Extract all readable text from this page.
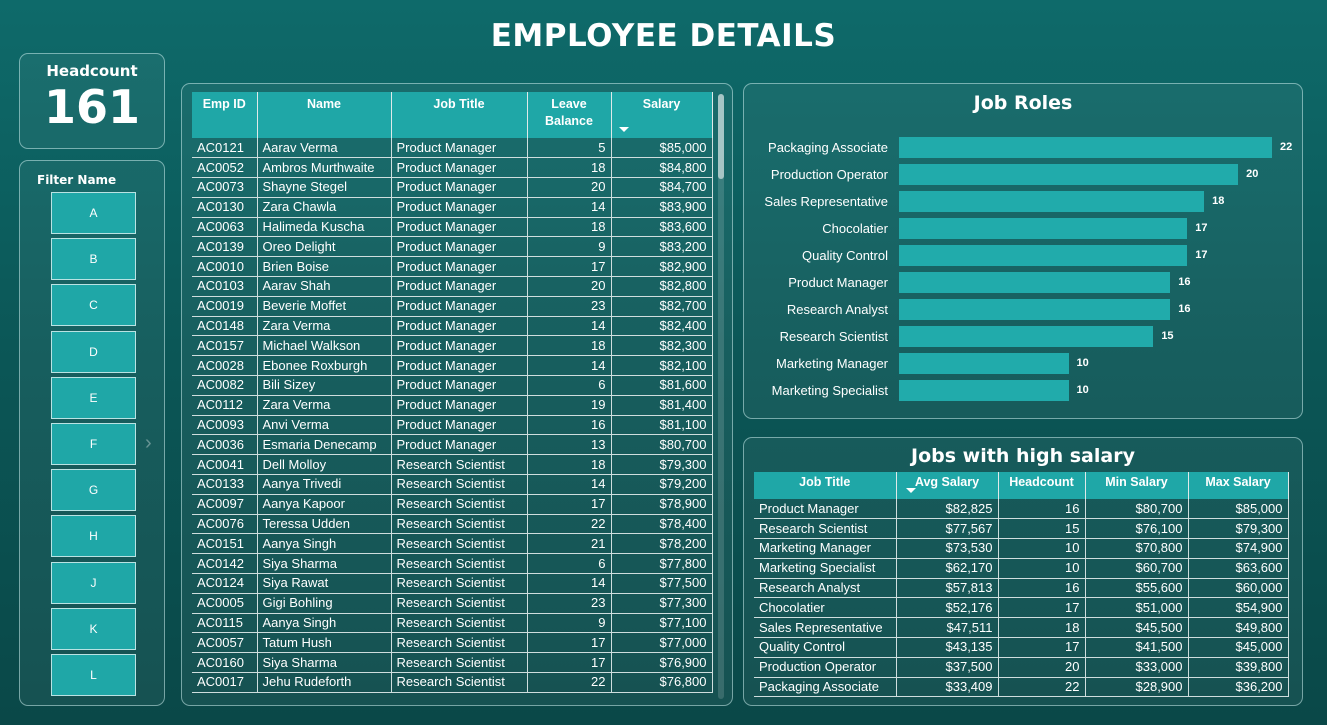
EMPLOYEE DETAILS
Headcount
161
Filter Name
A
B
C
D
E
F
G
H
J
K
L
›
Emp ID	Name	Job Title	Leave Balance	Salary

AC0121	Aarav Verma	Product Manager	5	$85,000
AC0052	Ambros Murthwaite	Product Manager	18	$84,800
AC0073	Shayne Stegel	Product Manager	20	$84,700
AC0130	Zara Chawla	Product Manager	14	$83,900
AC0063	Halimeda Kuscha	Product Manager	18	$83,600
AC0139	Oreo Delight	Product Manager	9	$83,200
AC0010	Brien Boise	Product Manager	17	$82,900
AC0103	Aarav Shah	Product Manager	20	$82,800
AC0019	Beverie Moffet	Product Manager	23	$82,700
AC0148	Zara Verma	Product Manager	14	$82,400
AC0157	Michael Walkson	Product Manager	18	$82,300
AC0028	Ebonee Roxburgh	Product Manager	14	$82,100
AC0082	Bili Sizey	Product Manager	6	$81,600
AC0112	Zara Verma	Product Manager	19	$81,400
AC0093	Anvi Verma	Product Manager	16	$81,100
AC0036	Esmaria Denecamp	Product Manager	13	$80,700
AC0041	Dell Molloy	Research Scientist	18	$79,300
AC0133	Aanya Trivedi	Research Scientist	14	$79,200
AC0097	Aanya Kapoor	Research Scientist	17	$78,900
AC0076	Teressa Udden	Research Scientist	22	$78,400
AC0151	Aanya Singh	Research Scientist	21	$78,200
AC0142	Siya Sharma	Research Scientist	6	$77,800
AC0124	Siya Rawat	Research Scientist	14	$77,500
AC0005	Gigi Bohling	Research Scientist	23	$77,300
AC0115	Aanya Singh	Research Scientist	9	$77,100
AC0057	Tatum Hush	Research Scientist	17	$77,000
AC0160	Siya Sharma	Research Scientist	17	$76,900
AC0017	Jehu Rudeforth	Research Scientist	22	$76,800
Job Roles
Packaging Associate	22
Production Operator	20
Sales Representative	18
Chocolatier	17
Quality Control	17
Product Manager	16
Research Analyst	16
Research Scientist	15
Marketing Manager	10
Marketing Specialist	10
Jobs with high salary
Job Title	Avg Salary	Headcount	Min Salary	Max Salary
Product Manager	$82,825	16	$80,700	$85,000
Research Scientist	$77,567	15	$76,100	$79,300
Marketing Manager	$73,530	10	$70,800	$74,900
Marketing Specialist	$62,170	10	$60,700	$63,600
Research Analyst	$57,813	16	$55,600	$60,000
Chocolatier	$52,176	17	$51,000	$54,900
Sales Representative	$47,511	18	$45,500	$49,800
Quality Control	$43,135	17	$41,500	$45,000
Production Operator	$37,500	20	$33,000	$39,800
Packaging Associate	$33,409	22	$28,900	$36,200
